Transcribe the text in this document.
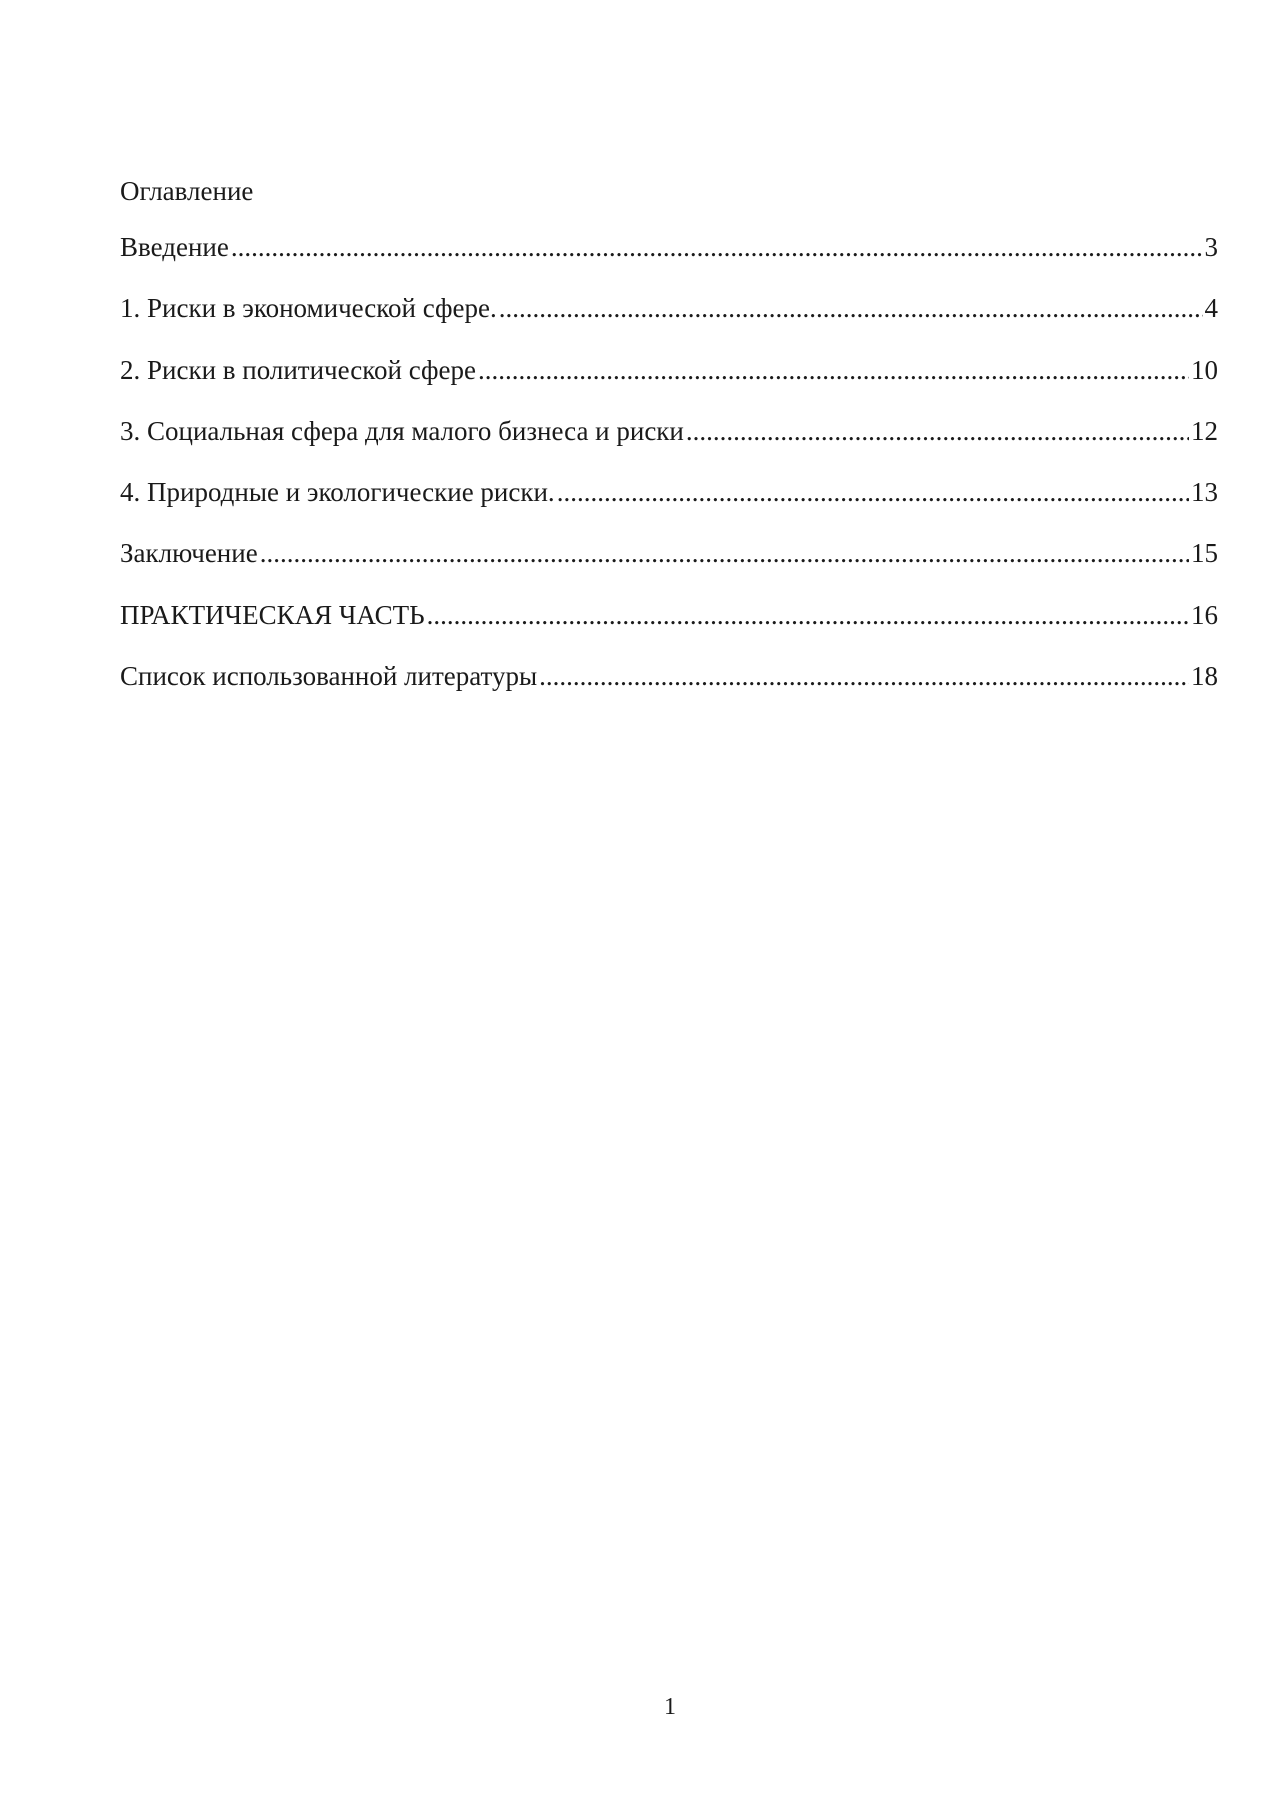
Оглавление
Введение .....	3
1. Риски в экономической сфере. .....	4
2. Риски в политической сфере .....	10
3. Социальная сфера для малого бизнеса и риски .....	12
4. Природные и экологические риски. .....	13
Заключение .....	15
ПРАКТИЧЕСКАЯ ЧАСТЬ .....	16
Список использованной литературы .....	18
1
